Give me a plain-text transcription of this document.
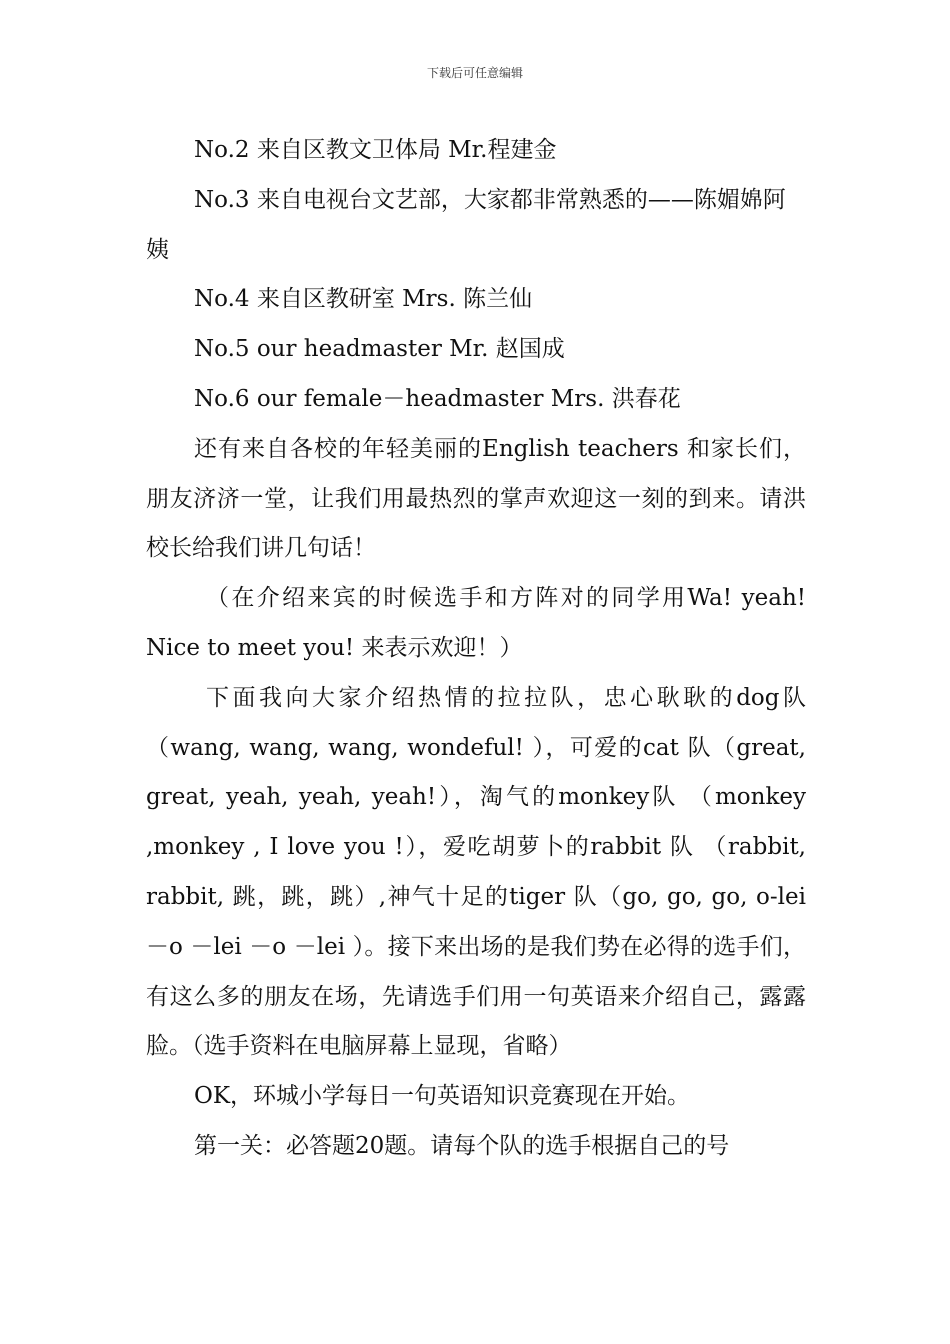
下载后可任意编辑

No.2 来自区教文卫体局 Mr.程建金

No.3 来自电视台文艺部，大家都非常熟悉的——陈媚婂阿姨

No.4 来自区教研室 Mrs. 陈兰仙

No.5 our headmaster Mr. 赵国成

No.6 our female－headmaster Mrs. 洪春花

还有来自各校的年轻美丽的English teachers 和家长们，朋友济济一堂，让我们用最热烈的掌声欢迎这一刻的到来。请洪校长给我们讲几句话！

（在介绍来宾的时候选手和方阵对的同学用Wa! yeah! Nice to meet you! 来表示欢迎！）

下面我向大家介绍热情的拉拉队，忠心耿耿的dog队（wang, wang, wang, wondeful! ），可爱的cat 队（great, great, yeah, yeah, yeah!），淘气的monkey队 （monkey ,monkey , I love you !），爱吃胡萝卜的rabbit 队 （rabbit, rabbit, 跳，跳，跳）,神气十足的tiger 队（go, go, go, o-lei －o －lei －o －lei ）。接下来出场的是我们势在必得的选手们，有这么多的朋友在场，先请选手们用一句英语来介绍自己，露露脸。（选手资料在电脑屏幕上显现，省略）

OK，环城小学每日一句英语知识竞赛现在开始。

第一关：必答题20题。请每个队的选手根据自己的号
